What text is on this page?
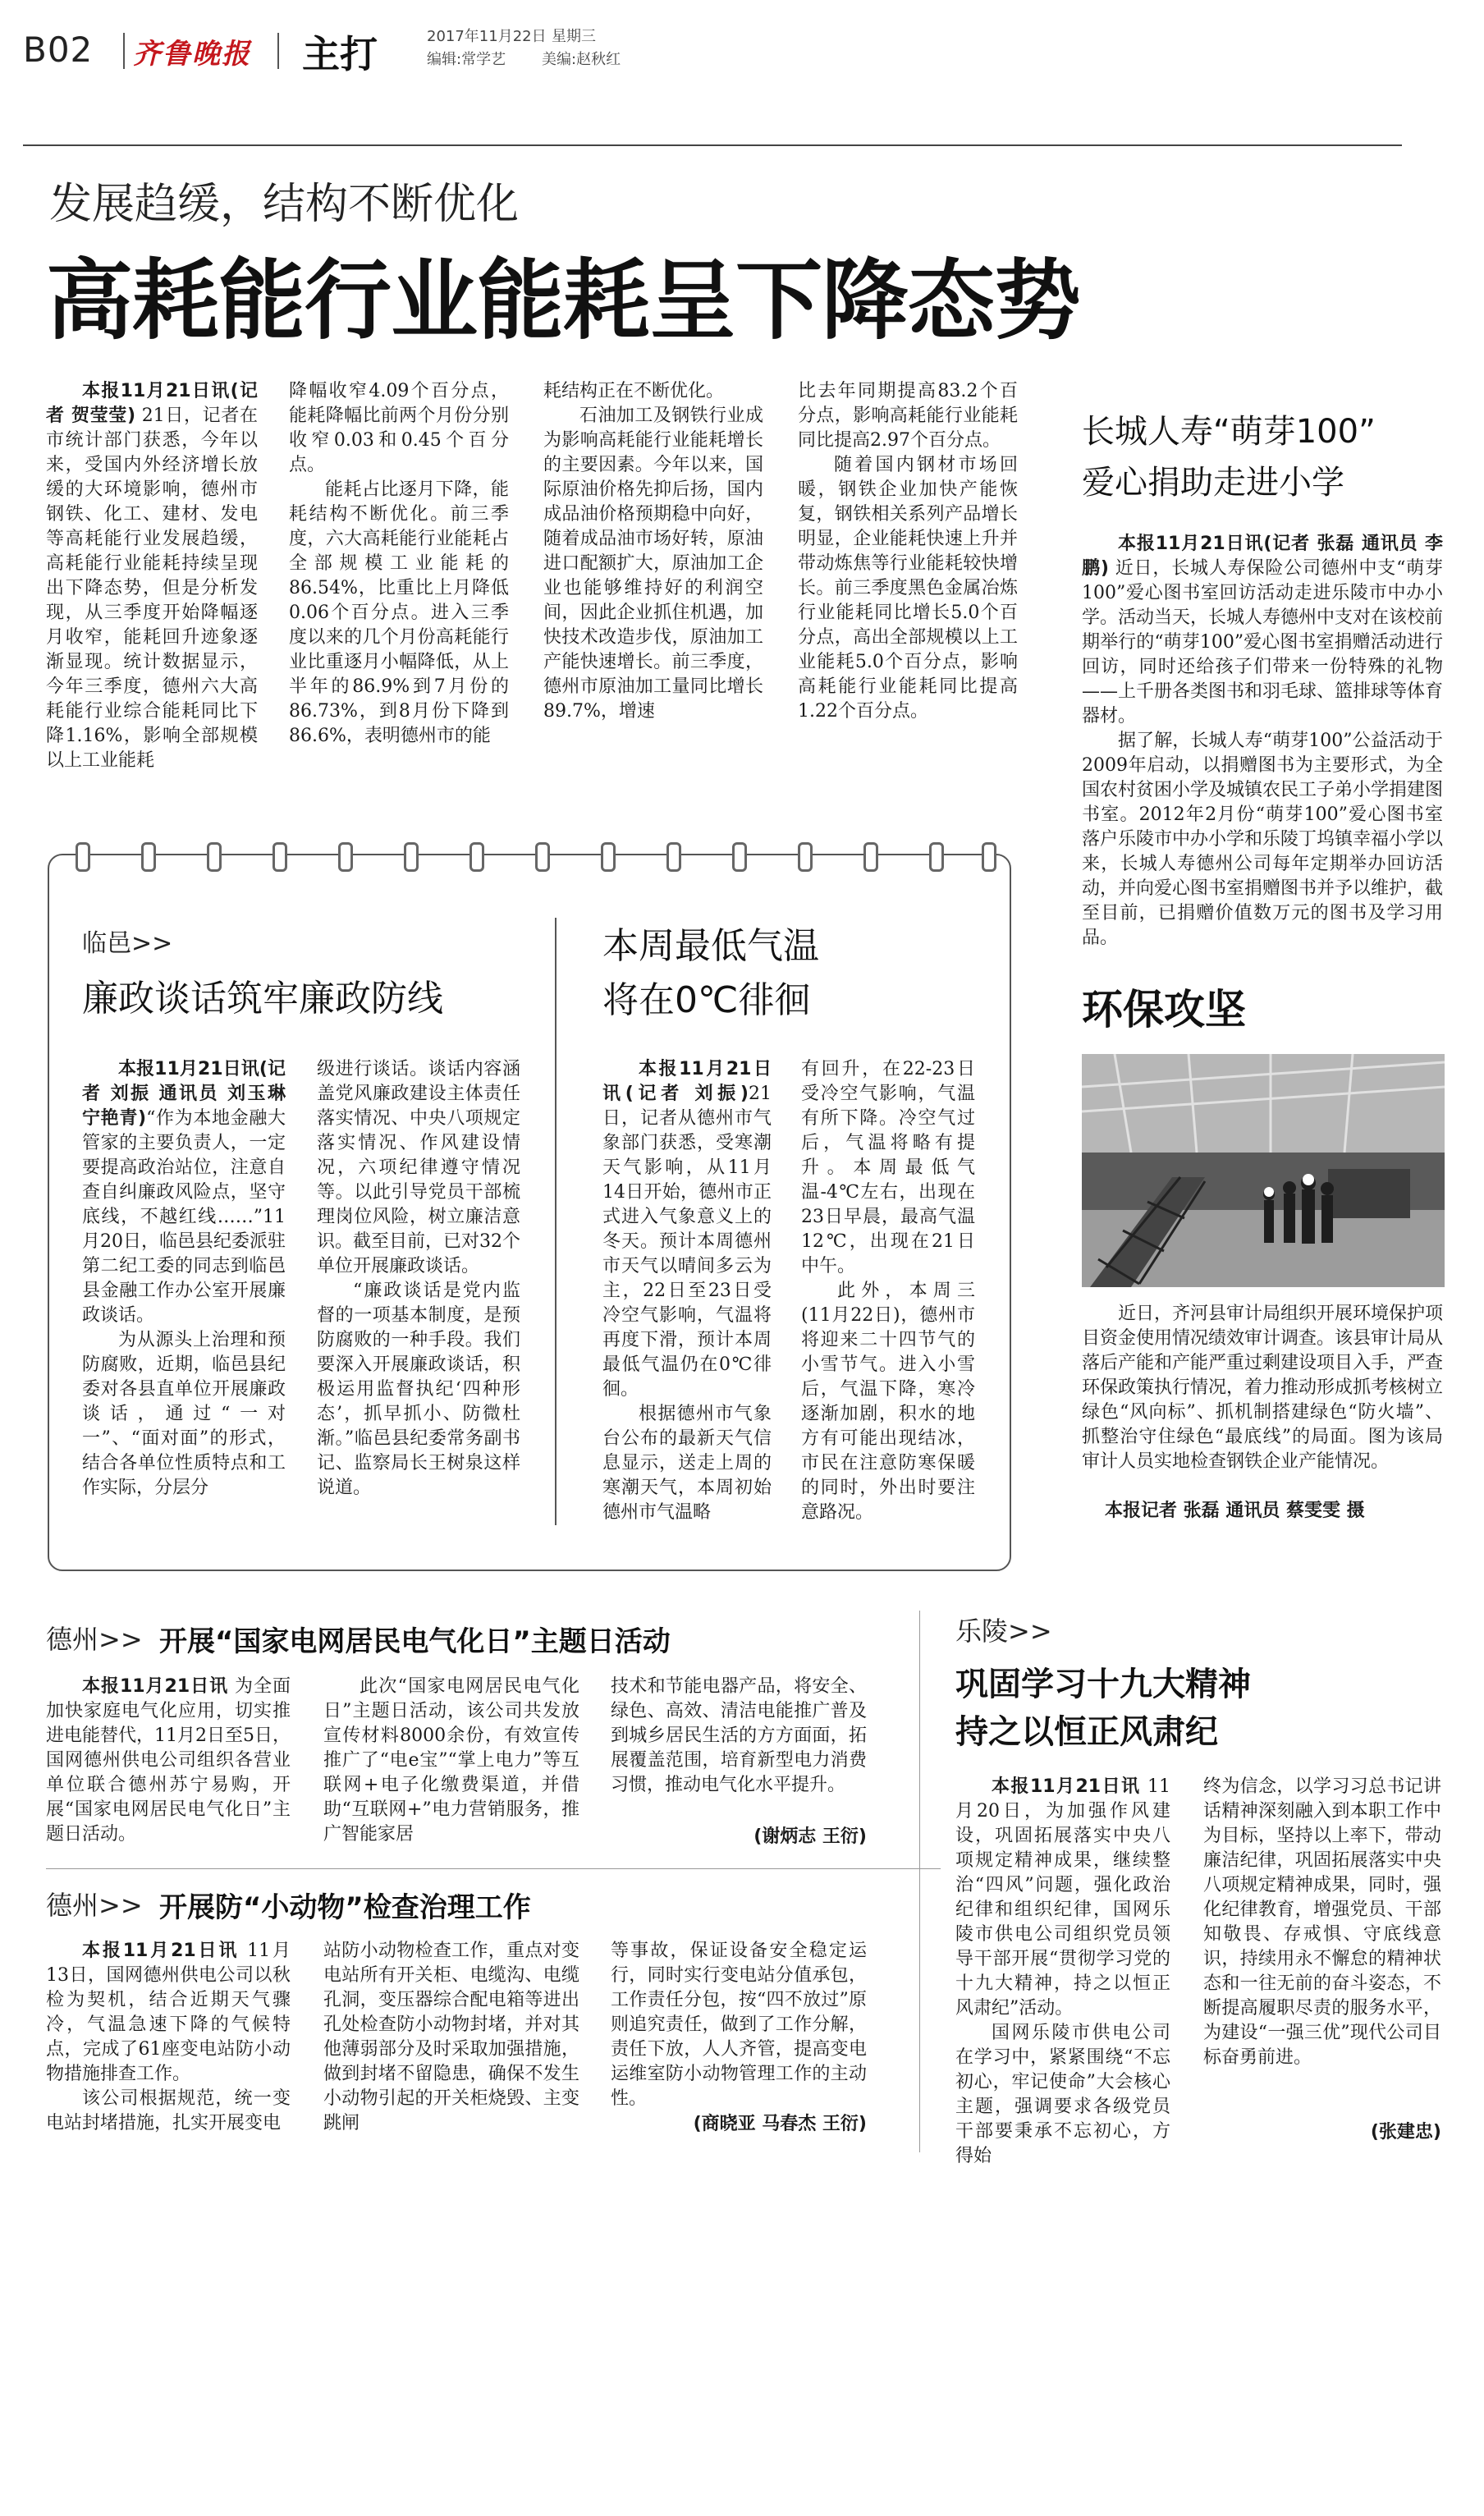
B02 齐鲁晚报 主打	2017年11月22日 星期三
编辑:常学艺 美编:赵秋红
发展趋缓，结构不断优化
高耗能行业能耗呈下降态势

本报11月21日讯(记者 贺莹莹) 21日，记者在市统计部门获悉，今年以来，受国内外经济增长放缓的大环境影响，德州市钢铁、化工、建材、发电等高耗能行业发展趋缓，高耗能行业能耗持续呈现出下降态势，但是分析发现，从三季度开始降幅逐月收窄，能耗回升迹象逐渐显现。统计数据显示，今年三季度，德州六大高耗能行业综合能耗同比下降1.16%，影响全部规模以上工业能耗

降幅收窄4.09个百分点，能耗降幅比前两个月份分别收窄0.03和0.45个百分点。

能耗占比逐月下降，能耗结构不断优化。前三季度，六大高耗能行业能耗占全部规模工业能耗的86.54%，比重比上月降低0.06个百分点。进入三季度以来的几个月份高耗能行业比重逐月小幅降低，从上半年的86.9%到7月份的86.73%，到8月份下降到86.6%，表明德州市的能

耗结构正在不断优化。

石油加工及钢铁行业成为影响高耗能行业能耗增长的主要因素。今年以来，国际原油价格先抑后扬，国内成品油价格预期稳中向好，随着成品油市场好转，原油进口配额扩大，原油加工企业也能够维持好的利润空间，因此企业抓住机遇，加快技术改造步伐，原油加工产能快速增长。前三季度，德州市原油加工量同比增长89.7%，增速

比去年同期提高83.2个百分点，影响高耗能行业能耗同比提高2.97个百分点。

随着国内钢材市场回暖，钢铁企业加快产能恢复，钢铁相关系列产品增长明显，企业能耗快速上升并带动炼焦等行业能耗较快增长。前三季度黑色金属冶炼行业能耗同比增长5.0个百分点，高出全部规模以上工业能耗5.0个百分点，影响高耗能行业能耗同比提高1.22个百分点。

临邑>>
廉政谈话筑牢廉政防线

本报11月21日讯(记者 刘振 通讯员 刘玉琳 宁艳青)“作为本地金融大管家的主要负责人，一定要提高政治站位，注意自查自纠廉政风险点，坚守底线，不越红线……”11月20日，临邑县纪委派驻第二纪工委的同志到临邑县金融工作办公室开展廉政谈话。

为从源头上治理和预防腐败，近期，临邑县纪委对各县直单位开展廉政谈话，通过“一对一”、“面对面”的形式，结合各单位性质特点和工作实际，分层分

级进行谈话。谈话内容涵盖党风廉政建设主体责任落实情况、中央八项规定落实情况、作风建设情况，六项纪律遵守情况等。以此引导党员干部梳理岗位风险，树立廉洁意识。截至目前，已对32个单位开展廉政谈话。

“廉政谈话是党内监督的一项基本制度，是预防腐败的一种手段。我们要深入开展廉政谈话，积极运用监督执纪‘四种形态’，抓早抓小、防微杜渐。”临邑县纪委常务副书记、监察局长王树泉这样说道。

本周最低气温
将在0℃徘徊

本报11月21日讯(记者 刘振)21日，记者从德州市气象部门获悉，受寒潮天气影响，从11月14日开始，德州市正式进入气象意义上的冬天。预计本周德州市天气以晴间多云为主，22日至23日受冷空气影响，气温将再度下滑，预计本周最低气温仍在0℃徘徊。

根据德州市气象台公布的最新天气信息显示，送走上周的寒潮天气，本周初始德州市气温略

有回升，在22-23日受冷空气影响，气温有所下降。冷空气过后，气温将略有提升。本周最低气温-4℃左右，出现在23日早晨，最高气温12℃，出现在21日中午。

此外，本周三(11月22日)，德州市将迎来二十四节气的小雪节气。进入小雪后，气温下降，寒冷逐渐加剧，积水的地方有可能出现结冰，市民在注意防寒保暖的同时，外出时要注意路况。

长城人寿“萌芽100”
爱心捐助走进小学

本报11月21日讯(记者 张磊 通讯员 李鹏) 近日，长城人寿保险公司德州中支“萌芽100”爱心图书室回访活动走进乐陵市中办小学。活动当天，长城人寿德州中支对在该校前期举行的“萌芽100”爱心图书室捐赠活动进行回访，同时还给孩子们带来一份特殊的礼物——上千册各类图书和羽毛球、篮排球等体育器材。

据了解，长城人寿“萌芽100”公益活动于2009年启动，以捐赠图书为主要形式，为全国农村贫困小学及城镇农民工子弟小学捐建图书室。2012年2月份“萌芽100”爱心图书室落户乐陵市中办小学和乐陵丁坞镇幸福小学以来，长城人寿德州公司每年定期举办回访活动，并向爱心图书室捐赠图书并予以维护，截至目前，已捐赠价值数万元的图书及学习用品。

环保攻坚

近日，齐河县审计局组织开展环境保护项目资金使用情况绩效审计调查。该县审计局从落后产能和产能严重过剩建设项目入手，严查环保政策执行情况，着力推动形成抓考核树立绿色“风向标”、抓机制搭建绿色“防火墙”、抓整治守住绿色“最底线”的局面。图为该局审计人员实地检查钢铁企业产能情况。

本报记者 张磊 通讯员 蔡雯雯 摄
德州>> 开展“国家电网居民电气化日”主题日活动

本报11月21日讯 为全面加快家庭电气化应用，切实推进电能替代，11月2日至5日，国网德州供电公司组织各营业单位联合德州苏宁易购，开展“国家电网居民电气化日”主题日活动。

此次“国家电网居民电气化日”主题日活动，该公司共发放宣传材料8000余份，有效宣传推广了“电e宝”“掌上电力”等互联网+电子化缴费渠道，并借助“互联网+”电力营销服务，推广智能家居

技术和节能电器产品，将安全、绿色、高效、清洁电能推广普及到城乡居民生活的方方面面，拓展覆盖范围，培育新型电力消费习惯，推动电气化水平提升。

(谢炳志 王衍)
德州>> 开展防“小动物”检查治理工作

本报11月21日讯 11月13日，国网德州供电公司以秋检为契机，结合近期天气骤冷，气温急速下降的气候特点，完成了61座变电站防小动物措施排查工作。

该公司根据规范，统一变电站封堵措施，扎实开展变电

站防小动物检查工作，重点对变电站所有开关柜、电缆沟、电缆孔洞，变压器综合配电箱等进出孔处检查防小动物封堵，并对其他薄弱部分及时采取加强措施，做到封堵不留隐患，确保不发生小动物引起的开关柜烧毁、主变跳闸

等事故，保证设备安全稳定运行，同时实行变电站分值承包，工作责任分包，按“四不放过”原则追究责任，做到了工作分解，责任下放，人人齐管，提高变电运维室防小动物管理工作的主动性。

(商晓亚 马春杰 王衍)
乐陵>>
巩固学习十九大精神
持之以恒正风肃纪

本报11月21日讯 11月20日，为加强作风建设，巩固拓展落实中央八项规定精神成果，继续整治“四风”问题，强化政治纪律和组织纪律，国网乐陵市供电公司组织党员领导干部开展“贯彻学习党的十九大精神，持之以恒正风肃纪”活动。

国网乐陵市供电公司在学习中，紧紧围绕“不忘初心，牢记使命”大会核心主题，强调要求各级党员干部要秉承不忘初心，方得始

终为信念，以学习习总书记讲话精神深刻融入到本职工作中为目标，坚持以上率下，带动廉洁纪律，巩固拓展落实中央八项规定精神成果，同时，强化纪律教育，增强党员、干部知敬畏、存戒惧、守底线意识，持续用永不懈怠的精神状态和一往无前的奋斗姿态，不断提高履职尽责的服务水平，为建设“一强三优”现代公司目标奋勇前进。

(张建忠)
